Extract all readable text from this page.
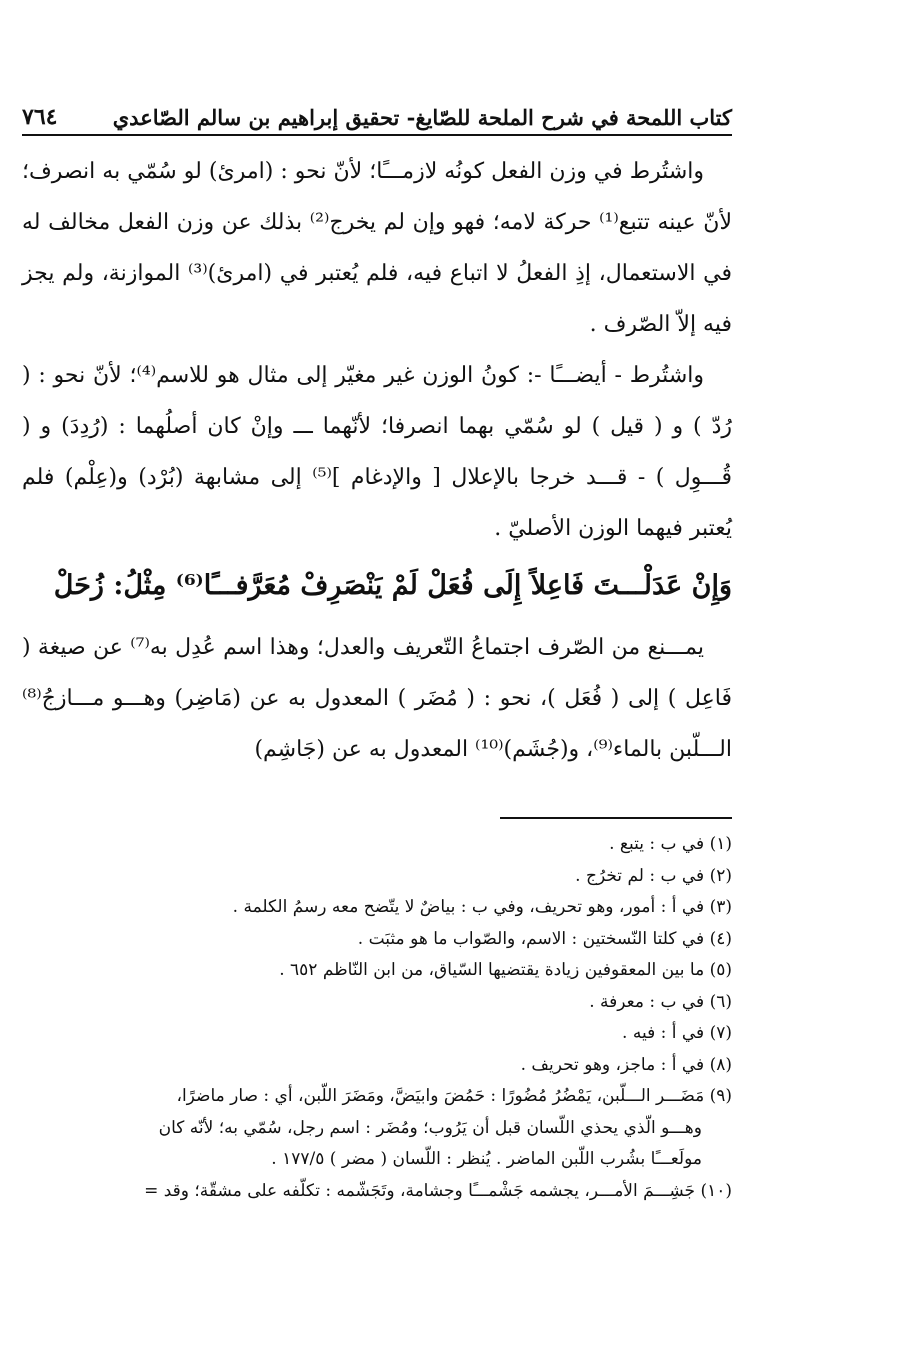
كتاب اللمحة في شرح الملحة للصّايغ- تحقيق إبراهيم بن سالم الصّاعدي
٧٦٤

واشتُرط في وزن الفعل كونُه لازمـــًا؛ لأنّ نحو : (امرئ) لو سُمّي به انصرف؛ لأنّ عينه تتبع⁽¹⁾ حركة لامه؛ فهو وإن لم يخرج⁽²⁾ بذلك عن وزن الفعل مخالف له في الاستعمال، إذِ الفعلُ لا اتباع فيه، فلم يُعتبر في (امرئ)⁽³⁾ الموازنة، ولم يجز فيه إلاّ الصّرف .

واشتُرط - أيضـــًا -: كونُ الوزن غير مغيّر إلى مثال هو للاسم⁽⁴⁾؛ لأنّ نحو : ( رُدّ ) و ( قيل ) لو سُمّي بهما انصرفا؛ لأنّهما ـــ وإنْ كان أصلُهما : (رُدِدَ) و ( قُـــوِل ) - قـــد خرجا بالإعلال [ والإدغام ]⁽⁵⁾ إلى مشابهة (بُرْد) و(عِلْم) فلم يُعتبر فيهما الوزن الأصليّ .

وَإِنْ عَدَلْـــتَ فَاعِلاً إِلَى فُعَلْ لَمْ يَنْصَرِفْ مُعَرَّفـــًا⁽⁶⁾ مِثْلُ: زُحَلْ

يمـــنع من الصّرف اجتماعُ التّعريف والعدل؛ وهذا اسم عُدِل به⁽⁷⁾ عن صيغة ( فَاعِل ) إلى ( فُعَل )، نحو : ( مُضَر ) المعدول به عن (مَاضِر) وهـــو مـــازجُ⁽⁸⁾ الـــلّبن بالماء⁽⁹⁾، و(جُشَم)⁽¹⁰⁾ المعدول به عن (جَاشِم)

(١) في ب : يتبع .

(٢) في ب : لم تخرُج .

(٣) في أ : أمور، وهو تحريف، وفي ب : بياضٌ لا يتّضح معه رسمُ الكلمة .

(٤) في كلتا النّسختين : الاسم، والصّواب ما هو مثبَت .

(٥) ما بين المعقوفين زيادة يقتضيها السّياق، من ابن النّاظم ٦٥٢ .

(٦) في ب : معرفة .

(٧) في أ : فيه .

(٨) في أ : ماجز، وهو تحريف .

(٩) مَضَـــر الـــلّبن، يَمْضُرُ مُضُورًا : حَمُضَ وابيَضَّ، ومَضَرَ اللّبن، أي : صار ماضرًا،

وهـــو الّذي يحذي اللّسان قبل أن يَرُوب؛ ومُضَر : اسم رجل، سُمّي به؛ لأنّه كان

مولَعـــًا بشُرب اللّبن الماضر . يُنظر : اللّسان ( مضر ) ١٧٧/٥ .

(١٠) جَشِـــمَ الأمـــر، يجشمه جَشْمـــًا وجشامة، وتَجَشّمه : تكلّفه على مشقّة؛ وقد =
